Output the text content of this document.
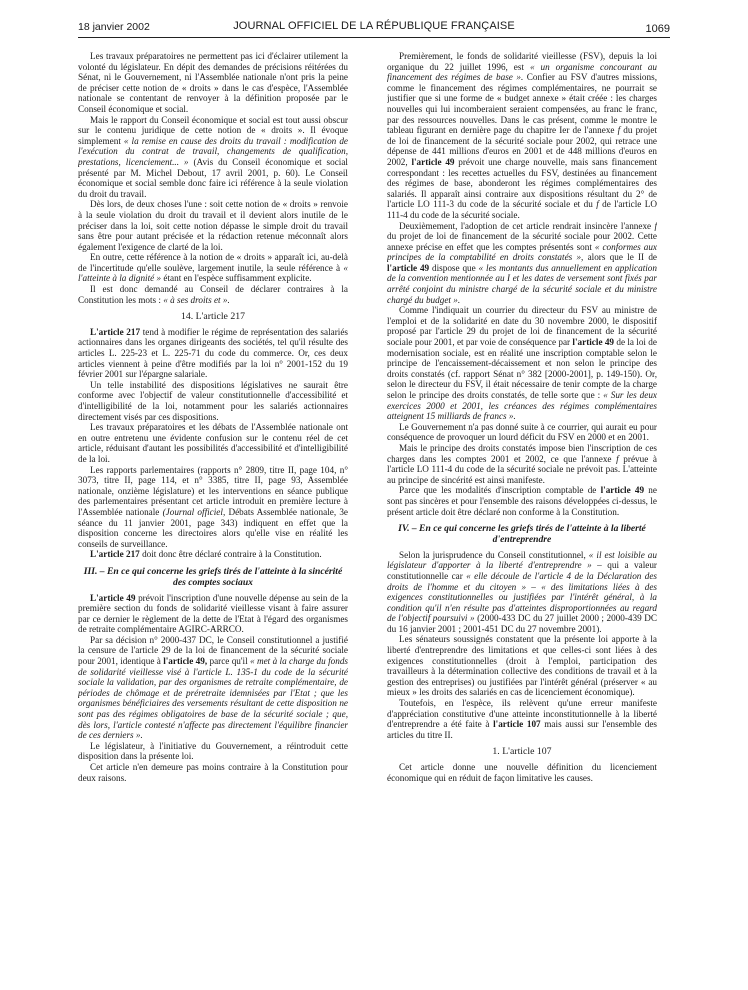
18 janvier 2002	JOURNAL OFFICIEL DE LA RÉPUBLIQUE FRANÇAISE	1069

Les travaux préparatoires ne permettent pas ici d'éclairer utilement la volonté du législateur. En dépit des demandes de précisions réitérées du Sénat, ni le Gouvernement, ni l'Assemblée nationale n'ont pris la peine de préciser cette notion de « droits » dans le cas d'espèce, l'Assemblée nationale se contentant de renvoyer à la définition proposée par le Conseil économique et social.

Mais le rapport du Conseil économique et social est tout aussi obscur sur le contenu juridique de cette notion de « droits ». Il évoque simplement « la remise en cause des droits du travail : modification de l'exécution du contrat de travail, changements de qualification, prestations, licenciement... » (Avis du Conseil économique et social présenté par M. Michel Debout, 17 avril 2001, p. 60). Le Conseil économique et social semble donc faire ici référence à la seule violation du droit du travail.

Dès lors, de deux choses l'une : soit cette notion de « droits » renvoie à la seule violation du droit du travail et il devient alors inutile de le préciser dans la loi, soit cette notion dépasse le simple droit du travail sans être pour autant précisée et la rédaction retenue méconnaît alors également l'exigence de clarté de la loi.

En outre, cette référence à la notion de « droits » apparaît ici, au-delà de l'incertitude qu'elle soulève, largement inutile, la seule référence à « l'atteinte à la dignité » étant en l'espèce suffisamment explicite.

Il est donc demandé au Conseil de déclarer contraires à la Constitution les mots : « à ses droits et ».

14. L'article 217

L'article 217 tend à modifier le régime de représentation des salariés actionnaires dans les organes dirigeants des sociétés, tel qu'il résulte des articles L. 225-23 et L. 225-71 du code du commerce. Or, ces deux articles viennent à peine d'être modifiés par la loi n° 2001-152 du 19 février 2001 sur l'épargne salariale.

Un telle instabilité des dispositions législatives ne saurait être conforme avec l'objectif de valeur constitutionnelle d'accessibilité et d'intelligibilité de la loi, notamment pour les salariés actionnaires directement visés par ces dispositions.

Les travaux préparatoires et les débats de l'Assemblée nationale ont en outre entretenu une évidente confusion sur le contenu réel de cet article, réduisant d'autant les possibilités d'accessibilité et d'intelligibilité de la loi.

Les rapports parlementaires (rapports n° 2809, titre II, page 104, n° 3073, titre II, page 114, et n° 3385, titre II, page 93, Assemblée nationale, onzième législature) et les interventions en séance publique des parlementaires présentant cet article introduit en première lecture à l'Assemblée nationale (Journal officiel, Débats Assemblée nationale, 3e séance du 11 janvier 2001, page 343) indiquent en effet que la disposition concerne les directoires alors qu'elle vise en réalité les conseils de surveillance.

L'article 217 doit donc être déclaré contraire à la Constitution.

III. – En ce qui concerne les griefs tirés de l'atteinte à la sincérité des comptes sociaux

L'article 49 prévoit l'inscription d'une nouvelle dépense au sein de la première section du fonds de solidarité vieillesse visant à faire assurer par ce dernier le règlement de la dette de l'Etat à l'égard des organismes de retraite complémentaire AGIRC-ARRCO.

Par sa décision n° 2000-437 DC, le Conseil constitutionnel a justifié la censure de l'article 29 de la loi de financement de la sécurité sociale pour 2001, identique à l'article 49, parce qu'il « met à la charge du fonds de solidarité vieillesse visé à l'article L. 135-1 du code de la sécurité sociale la validation, par des organismes de retraite complémentaire, de périodes de chômage et de préretraite idemnisées par l'Etat ; que les organismes bénéficiaires des versements résultant de cette disposition ne sont pas des régimes obligatoires de base de la sécurité sociale ; que, dès lors, l'article contesté n'affecte pas directement l'équilibre financier de ces derniers ».

Le législateur, à l'initiative du Gouvernement, a réintroduit cette disposition dans la présente loi.

Cet article n'en demeure pas moins contraire à la Constitution pour deux raisons.

Premièrement, le fonds de solidarité vieillesse (FSV), depuis la loi organique du 22 juillet 1996, est « un organisme concourant au financement des régimes de base ». Confier au FSV d'autres missions, comme le financement des régimes complémentaires, ne pourrait se justifier que si une forme de « budget annexe » était créée : les charges nouvelles qui lui incomberaient seraient compensées, au franc le franc, par des ressources nouvelles. Dans le cas présent, comme le montre le tableau figurant en dernière page du chapitre Ier de l'annexe f du projet de loi de financement de la sécurité sociale pour 2002, qui retrace une dépense de 441 millions d'euros en 2001 et de 448 millions d'euros en 2002, l'article 49 prévoit une charge nouvelle, mais sans financement correspondant : les recettes actuelles du FSV, destinées au financement des régimes de base, abonderont les régimes complémentaires des salariés. Il apparaît ainsi contraire aux dispositions résultant du 2° de l'article LO 111-3 du code de la sécurité sociale et du f de l'article LO 111-4 du code de la sécurité sociale.

Deuxièmement, l'adoption de cet article rendrait insincère l'annexe f du projet de loi de financement de la sécurité sociale pour 2002. Cette annexe précise en effet que les comptes présentés sont « conformes aux principes de la comptabilité en droits constatés », alors que le II de l'article 49 dispose que « les montants dus annuellement en application de la convention mentionnée au I et les dates de versement sont fixés par arrêté conjoint du ministre chargé de la sécurité sociale et du ministre chargé du budget ».

Comme l'indiquait un courrier du directeur du FSV au ministre de l'emploi et de la solidarité en date du 30 novembre 2000, le dispositif proposé par l'article 29 du projet de loi de financement de la sécurité sociale pour 2001, et par voie de conséquence par l'article 49 de la loi de modernisation sociale, est en réalité une inscription comptable selon le principe de l'encaissement-décaissement et non selon le principe des droits constatés (cf. rapport Sénat n° 382 [2000-2001], p. 149-150). Or, selon le directeur du FSV, il était nécessaire de tenir compte de la charge selon le principe des droits constatés, de telle sorte que : « Sur les deux exercices 2000 et 2001, les créances des régimes complémentaires atteignent 15 milliards de francs ».

Le Gouvernement n'a pas donné suite à ce courrier, qui aurait eu pour conséquence de provoquer un lourd déficit du FSV en 2000 et en 2001.

Mais le principe des droits constatés impose bien l'inscription de ces charges dans les comptes 2001 et 2002, ce que l'annexe f prévue à l'article LO 111-4 du code de la sécurité sociale ne prévoit pas. L'atteinte au principe de sincérité est ainsi manifeste.

Parce que les modalités d'inscription comptable de l'article 49 ne sont pas sincères et pour l'ensemble des raisons développées ci-dessus, le présent article doit être déclaré non conforme à la Constitution.

IV. – En ce qui concerne les griefs tirés de l'atteinte à la liberté d'entreprendre

Selon la jurisprudence du Conseil constitutionnel, « il est loisible au législateur d'apporter à la liberté d'entreprendre » – qui a valeur constitutionnelle car « elle découle de l'article 4 de la Déclaration des droits de l'homme et du citoyen » – « des limitations liées à des exigences constitutionnelles ou justifiées par l'intérêt général, à la condition qu'il n'en résulte pas d'atteintes disproportionnées au regard de l'objectif poursuivi » (2000-433 DC du 27 juillet 2000 ; 2000-439 DC du 16 janvier 2001 ; 2001-451 DC du 27 novembre 2001).

Les sénateurs soussignés constatent que la présente loi apporte à la liberté d'entreprendre des limitations et que celles-ci sont liées à des exigences constitutionnelles (droit à l'emploi, participation des travailleurs à la détermination collective des conditions de travail et à la gestion des entreprises) ou justifiées par l'intérêt général (préserver « au mieux » les droits des salariés en cas de licenciement économique).

Toutefois, en l'espèce, ils relèvent qu'une erreur manifeste d'appréciation constitutive d'une atteinte inconstitutionnelle à la liberté d'entreprendre a été faite à l'article 107 mais aussi sur l'ensemble des articles du titre II.

1. L'article 107

Cet article donne une nouvelle définition du licenciement économique qui en réduit de façon limitative les causes.
